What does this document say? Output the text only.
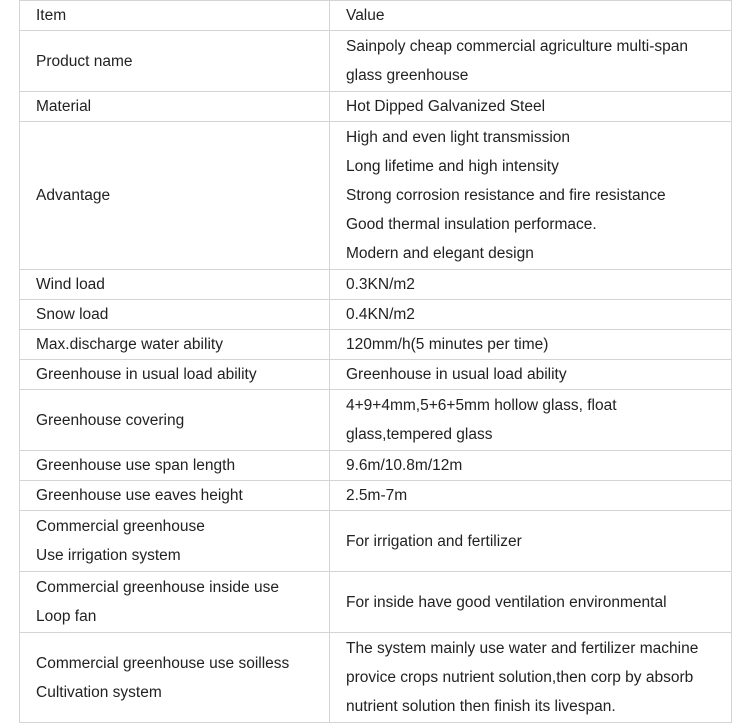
Item	Value

Product name	Sainpoly cheap commercial agriculture multi-span
glass greenhouse

Material	Hot Dipped Galvanized Steel

Advantage	High and even light transmission
Long lifetime and high intensity
Strong corrosion resistance and fire resistance
Good thermal insulation performace.
Modern and elegant design

Wind load	0.3KN/m2

Snow load	0.4KN/m2

Max.discharge water ability	120mm/h(5 minutes per time)

Greenhouse in usual load ability	Greenhouse in usual load ability

Greenhouse covering	4+9+4mm,5+6+5mm hollow glass, float
glass,tempered glass

Greenhouse use span length	9.6m/10.8m/12m

Greenhouse use eaves height	2.5m-7m

Commercial greenhouse
Use irrigation system	For irrigation and fertilizer

Commercial greenhouse inside use
Loop fan	For inside have good ventilation environmental

Commercial greenhouse use soilless
Cultivation system	The system mainly use water and fertilizer machine
provice crops nutrient solution,then corp by absorb
nutrient solution then finish its livespan.
